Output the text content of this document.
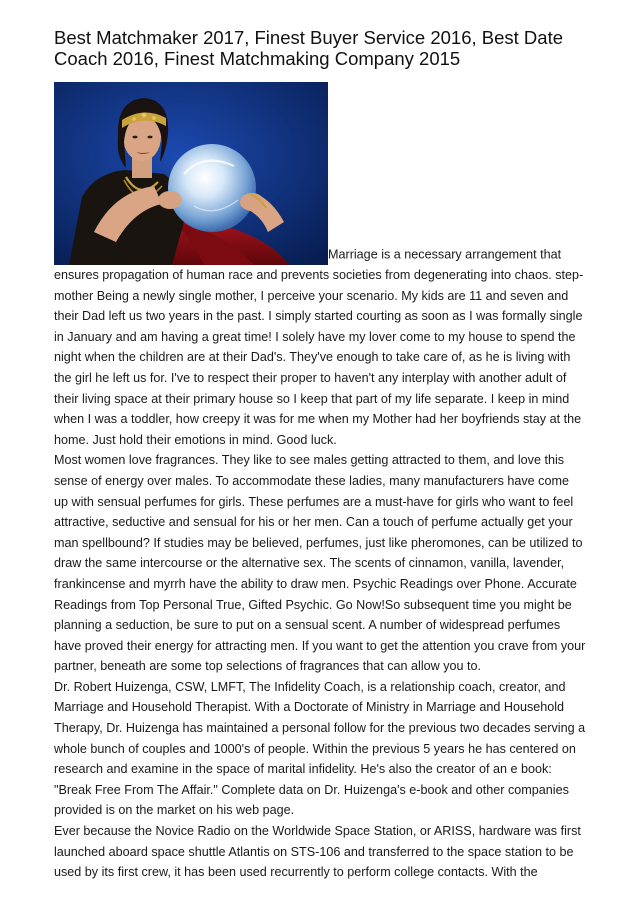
Best Matchmaker 2017, Finest Buyer Service 2016, Best Date Coach 2016, Finest Matchmaking Company 2015

Marriage is a necessary arrangement that ensures propagation of human race and prevents societies from degenerating into chaos. step-mother Being a newly single mother, I perceive your scenario. My kids are 11 and seven and their Dad left us two years in the past. I simply started courting as soon as I was formally single in January and am having a great time! I solely have my lover come to my house to spend the night when the children are at their Dad's. They've enough to take care of, as he is living with the girl he left us for. I've to respect their proper to haven't any interplay with another adult of their living space at their primary house so I keep that part of my life separate. I keep in mind when I was a toddler, how creepy it was for me when my Mother had her boyfriends stay at the home. Just hold their emotions in mind. Good luck.

Most women love fragrances. They like to see males getting attracted to them, and love this sense of energy over males. To accommodate these ladies, many manufacturers have come up with sensual perfumes for girls. These perfumes are a must-have for girls who want to feel attractive, seductive and sensual for his or her men. Can a touch of perfume actually get your man spellbound? If studies may be believed, perfumes, just like pheromones, can be utilized to draw the same intercourse or the alternative sex. The scents of cinnamon, vanilla, lavender, frankincense and myrrh have the ability to draw men. Psychic Readings over Phone. Accurate Readings from Top Personal True, Gifted Psychic. Go Now!So subsequent time you might be planning a seduction, be sure to put on a sensual scent. A number of widespread perfumes have proved their energy for attracting men. If you want to get the attention you crave from your partner, beneath are some top selections of fragrances that can allow you to.

Dr. Robert Huizenga, CSW, LMFT, The Infidelity Coach, is a relationship coach, creator, and Marriage and Household Therapist. With a Doctorate of Ministry in Marriage and Household Therapy, Dr. Huizenga has maintained a personal follow for the previous two decades serving a whole bunch of couples and 1000's of people. Within the previous 5 years he has centered on research and examine in the space of marital infidelity. He's also the creator of an e book: "Break Free From The Affair." Complete data on Dr. Huizenga's e-book and other companies provided is on the market on his web page.

Ever because the Novice Radio on the Worldwide Space Station, or ARISS, hardware was first launched aboard space shuttle Atlantis on STS-106 and transferred to the space station to be used by its first crew, it has been used recurrently to perform college contacts. With the
